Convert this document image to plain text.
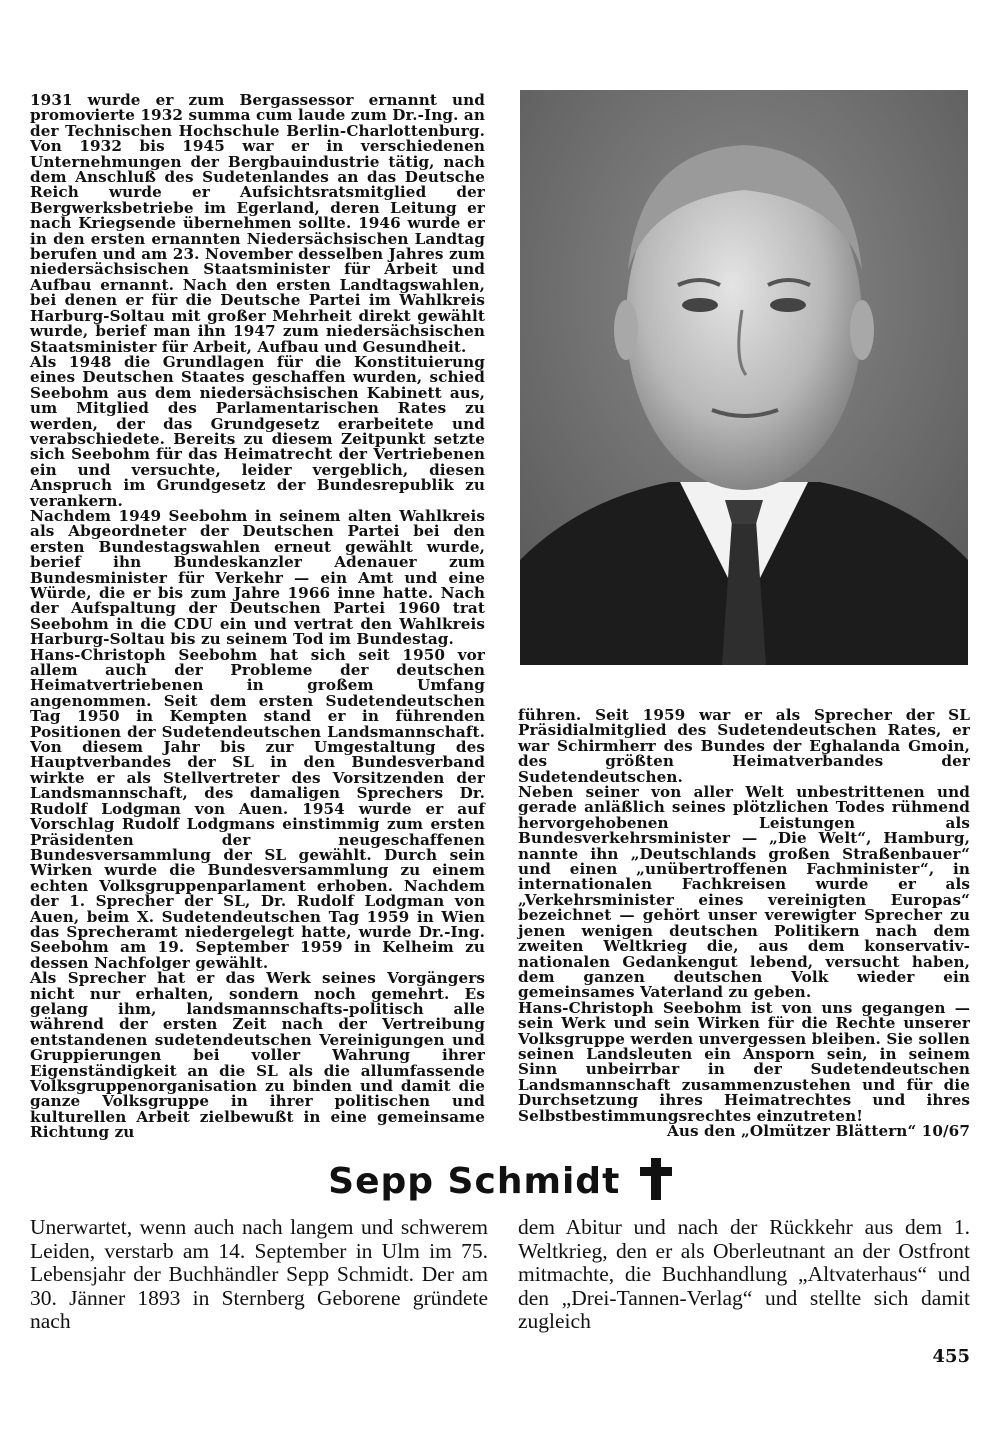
1931 wurde er zum Bergassessor ernannt und promovierte 1932 summa cum laude zum Dr.-Ing. an der Technischen Hochschule Berlin-Charlottenburg. Von 1932 bis 1945 war er in verschiedenen Unternehmungen der Bergbauindustrie tätig, nach dem Anschluß des Sudetenlandes an das Deutsche Reich wurde er Aufsichtsratsmitglied der Bergwerksbetriebe im Egerland, deren Leitung er nach Kriegsende übernehmen sollte. 1946 wurde er in den ersten ernannten Niedersächsischen Landtag berufen und am 23. November desselben Jahres zum niedersächsischen Staatsminister für Arbeit und Aufbau ernannt. Nach den ersten Landtagswahlen, bei denen er für die Deutsche Partei im Wahlkreis Harburg-Soltau mit großer Mehrheit direkt gewählt wurde, berief man ihn 1947 zum niedersächsischen Staatsminister für Arbeit, Aufbau und Gesundheit.

Als 1948 die Grundlagen für die Konstituierung eines Deutschen Staates geschaffen wurden, schied Seebohm aus dem niedersächsischen Kabinett aus, um Mitglied des Parlamentarischen Rates zu werden, der das Grundgesetz erarbeitete und verabschiedete. Bereits zu diesem Zeitpunkt setzte sich Seebohm für das Heimatrecht der Vertriebenen ein und versuchte, leider vergeblich, diesen Anspruch im Grundgesetz der Bundesrepublik zu verankern.

Nachdem 1949 Seebohm in seinem alten Wahlkreis als Abgeordneter der Deutschen Partei bei den ersten Bundestagswahlen erneut gewählt wurde, berief ihn Bundeskanzler Adenauer zum Bundesminister für Verkehr — ein Amt und eine Würde, die er bis zum Jahre 1966 inne hatte. Nach der Aufspaltung der Deutschen Partei 1960 trat Seebohm in die CDU ein und vertrat den Wahlkreis Harburg-Soltau bis zu seinem Tod im Bundestag.

Hans-Christoph Seebohm hat sich seit 1950 vor allem auch der Probleme der deutschen Heimatvertriebenen in großem Umfang angenommen. Seit dem ersten Sudetendeutschen Tag 1950 in Kempten stand er in führenden Positionen der Sudetendeutschen Landsmannschaft. Von diesem Jahr bis zur Umgestaltung des Hauptverbandes der SL in den Bundesverband wirkte er als Stellvertreter des Vorsitzenden der Landsmannschaft, des damaligen Sprechers Dr. Rudolf Lodgman von Auen. 1954 wurde er auf Vorschlag Rudolf Lodgmans einstimmig zum ersten Präsidenten der neugeschaffenen Bundesversammlung der SL gewählt. Durch sein Wirken wurde die Bundesversammlung zu einem echten Volksgruppenparlament erhoben. Nachdem der 1. Sprecher der SL, Dr. Rudolf Lodgman von Auen, beim X. Sudetendeutschen Tag 1959 in Wien das Sprecheramt niedergelegt hatte, wurde Dr.-Ing. Seebohm am 19. September 1959 in Kelheim zu dessen Nachfolger gewählt.

Als Sprecher hat er das Werk seines Vorgängers nicht nur erhalten, sondern noch gemehrt. Es gelang ihm, landsmannschafts-politisch alle während der ersten Zeit nach der Vertreibung entstandenen sudetendeutschen Vereinigungen und Gruppierungen bei voller Wahrung ihrer Eigenständigkeit an die SL als die allumfassende Volksgruppenorganisation zu binden und damit die ganze Volksgruppe in ihrer politischen und kulturellen Arbeit zielbewußt in eine gemeinsame Richtung zu

führen. Seit 1959 war er als Sprecher der SL Präsidialmitglied des Sudetendeutschen Rates, er war Schirmherr des Bundes der Eghalanda Gmoin, des größten Heimatverbandes der Sudetendeutschen.

Neben seiner von aller Welt unbestrittenen und gerade anläßlich seines plötzlichen Todes rühmend hervorgehobenen Leistungen als Bundesverkehrsminister — „Die Welt“, Hamburg, nannte ihn „Deutschlands großen Straßenbauer“ und einen „unübertroffenen Fachminister“, in internationalen Fachkreisen wurde er als „Verkehrsminister eines vereinigten Europas“ bezeichnet — gehört unser verewigter Sprecher zu jenen wenigen deutschen Politikern nach dem zweiten Weltkrieg die, aus dem konservativ-nationalen Gedankengut lebend, versucht haben, dem ganzen deutschen Volk wieder ein gemeinsames Vaterland zu geben.

Hans-Christoph Seebohm ist von uns gegangen — sein Werk und sein Wirken für die Rechte unserer Volksgruppe werden unvergessen bleiben. Sie sollen seinen Landsleuten ein Ansporn sein, in seinem Sinn unbeirrbar in der Sudetendeutschen Landsmannschaft zusammenzustehen und für die Durchsetzung ihres Heimatrechtes und ihres Selbstbestimmungsrechtes einzutreten!

Aus den „Olmützer Blättern“ 10/67
Sepp Schmidt

Unerwartet, wenn auch nach langem und schwerem Leiden, verstarb am 14. September in Ulm im 75. Lebensjahr der Buchhändler Sepp Schmidt. Der am 30. Jänner 1893 in Sternberg Geborene gründete nach

dem Abitur und nach der Rückkehr aus dem 1. Weltkrieg, den er als Oberleutnant an der Ostfront mitmachte, die Buchhandlung „Altvaterhaus“ und den „Drei-Tannen-Verlag“ und stellte sich damit zugleich

455
